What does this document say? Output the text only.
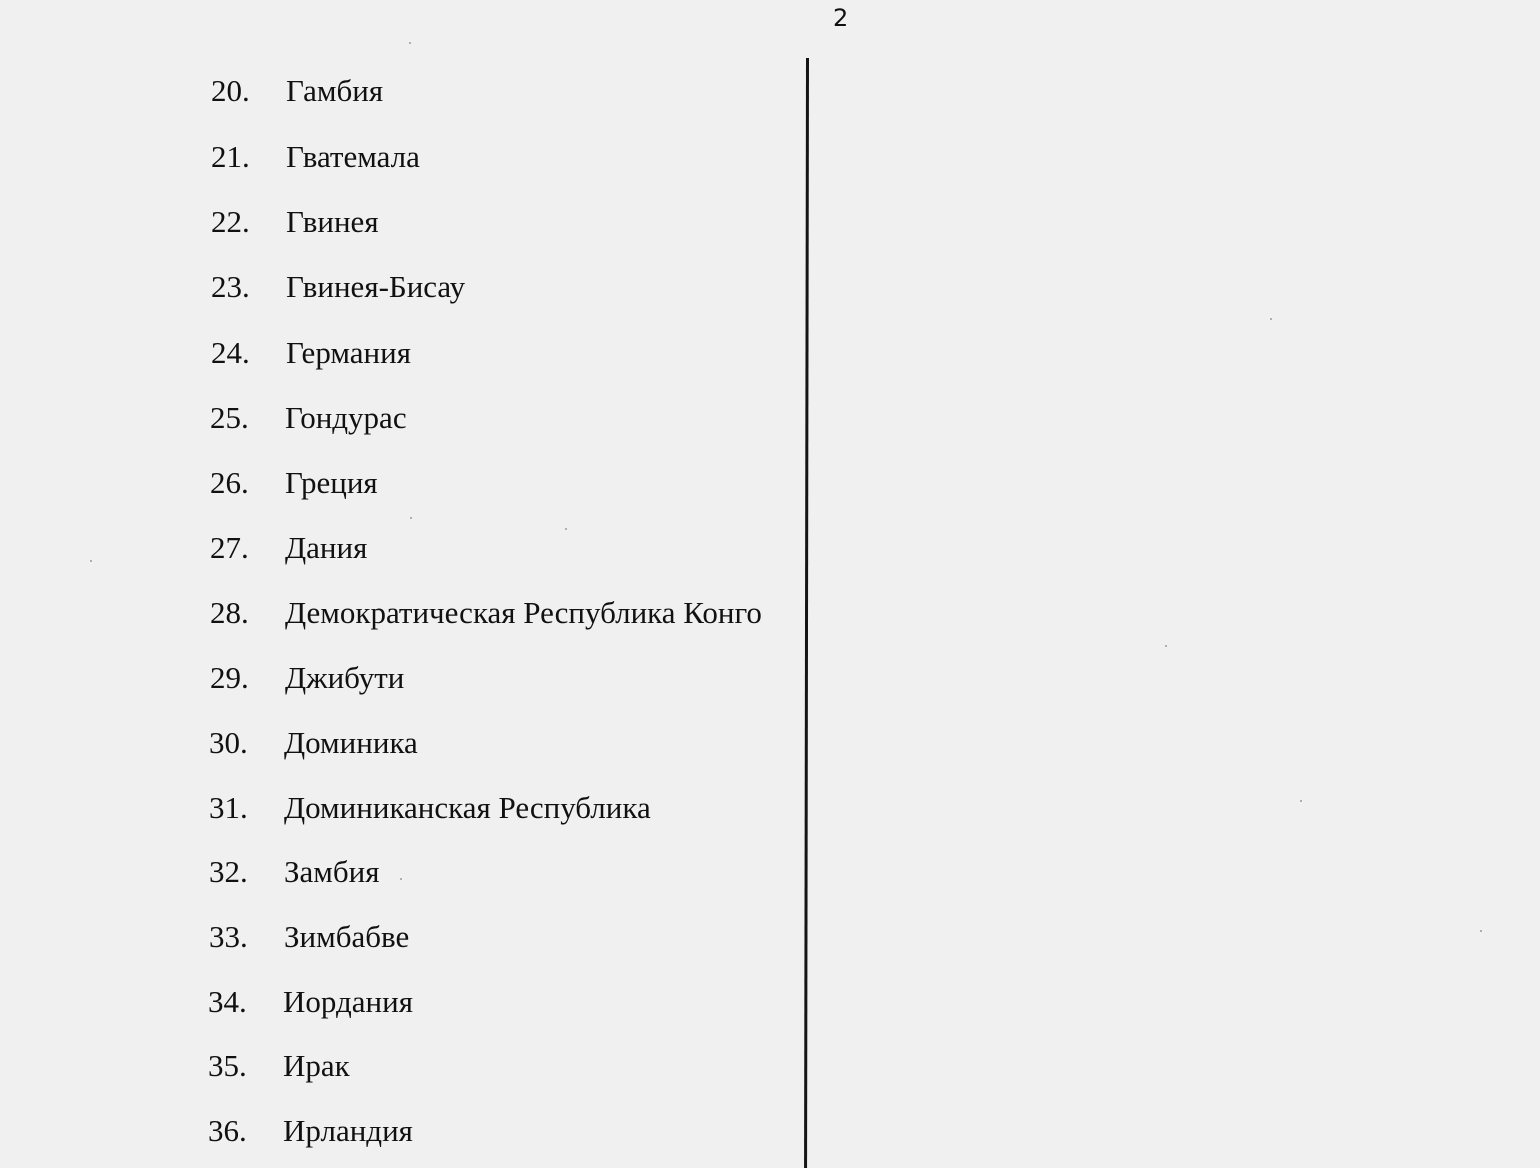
2
20. Гамбия
21. Гватемала
22. Гвинея
23. Гвинея-Бисау
24. Германия
25. Гондурас
26. Греция
27. Дания
28. Демократическая Республика Конго
29. Джибути
30. Доминика
31. Доминиканская Республика
32. Замбия
33. Зимбабве
34. Иордания
35. Ирак
36. Ирландия
